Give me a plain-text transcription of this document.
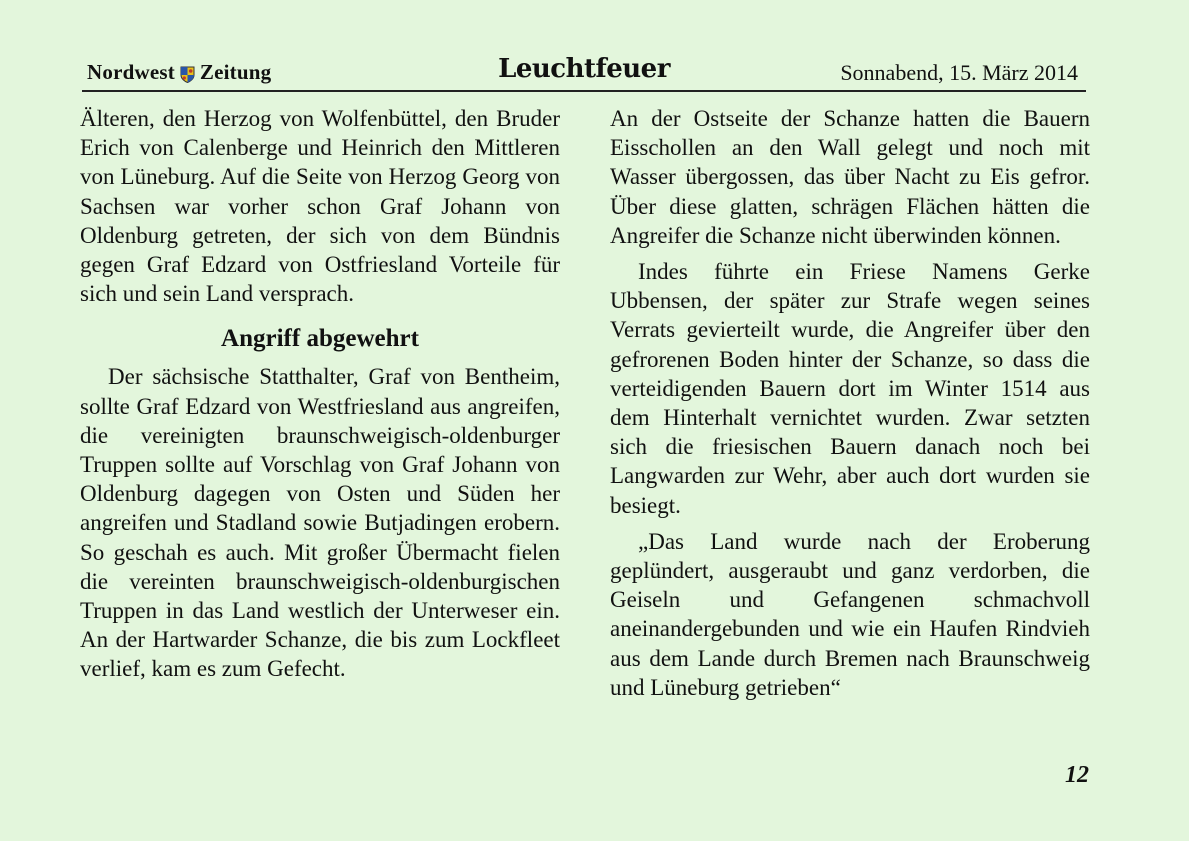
Nordwest Zeitung	Leuchtfeuer	Sonnabend, 15. März 2014

Älteren, den Herzog von Wolfenbüttel, den Bruder Erich von Calenberge und Heinrich den Mittleren von Lüneburg. Auf die Seite von Herzog Georg von Sachsen war vorher schon Graf Johann von Oldenburg getreten, der sich von dem Bündnis gegen Graf Edzard von Ostfriesland Vorteile für sich und sein Land versprach.

Angriff abgewehrt

Der sächsische Statthalter, Graf von Bentheim, sollte Graf Edzard von Westfriesland aus angreifen, die vereinigten braunschweigisch-oldenburger Truppen sollte auf Vorschlag von Graf Johann von Oldenburg dagegen von Osten und Süden her angreifen und Stadland sowie Butjadingen erobern. So geschah es auch. Mit großer Übermacht fielen die vereinten braunschweigisch-oldenburgischen Truppen in das Land westlich der Unterweser ein. An der Hartwarder Schanze, die bis zum Lockfleet verlief, kam es zum Gefecht.

An der Ostseite der Schanze hatten die Bauern Eisschollen an den Wall gelegt und noch mit Wasser übergossen, das über Nacht zu Eis gefror. Über diese glatten, schrägen Flächen hätten die Angreifer die Schanze nicht überwinden können.

Indes führte ein Friese Namens Gerke Ubbensen, der später zur Strafe wegen seines Verrats gevierteilt wurde, die Angreifer über den gefrorenen Boden hinter der Schanze, so dass die verteidigenden Bauern dort im Winter 1514 aus dem Hinterhalt vernichtet wurden. Zwar setzten sich die friesischen Bauern danach noch bei Langwarden zur Wehr, aber auch dort wurden sie besiegt.

„Das Land wurde nach der Eroberung geplündert, ausgeraubt und ganz verdorben, die Geiseln und Gefangenen schmachvoll aneinandergebunden und wie ein Haufen Rindvieh aus dem Lande durch Bremen nach Braunschweig und Lüneburg getrieben“

12
